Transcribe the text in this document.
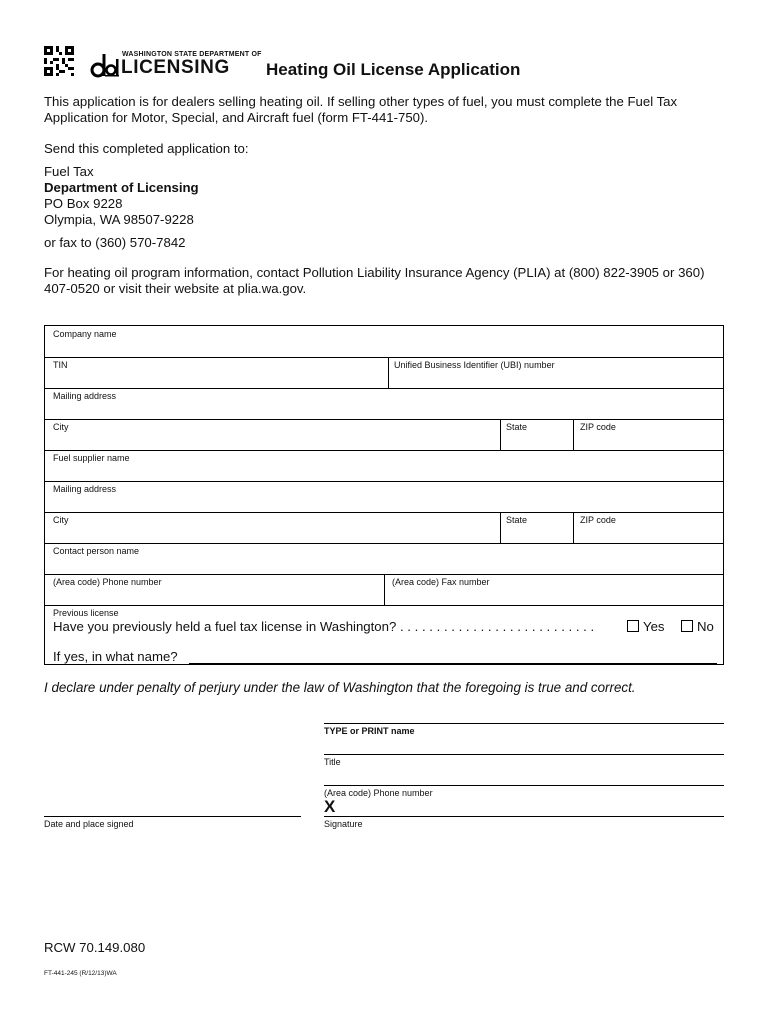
WASHINGTON STATE DEPARTMENT OF
LICENSING Heating Oil License Application
This application is for dealers selling heating oil. If selling other types of fuel, you must complete the Fuel Tax Application for Motor, Special, and Aircraft fuel (form FT-441-750).
Send this completed application to:
Fuel Tax
Department of Licensing
PO Box 9228
Olympia, WA 98507-9228
or fax to (360) 570-7842
For heating oil program information, contact Pollution Liability Insurance Agency (PLIA) at (800) 822-3905 or 360) 407-0520 or visit their website at plia.wa.gov.
Company name
TIN	Unified Business Identifier (UBI) number
Mailing address
City	State	ZIP code
Fuel supplier name
Mailing address
City	State	ZIP code
Contact person name
(Area code) Phone number	(Area code) Fax number
Previous license
Have you previously held a fuel tax license in Washington? . . . . . . . . . . . . . . . . . . . . . . . . . . .	Yes	No
If yes, in what name?
I declare under penalty of perjury under the law of Washington that the foregoing is true and correct.
TYPE or PRINT name
Title
(Area code) Phone number
X
Signature
Date and place signed
RCW 70.149.080
FT-441-245 (R/12/13)WA
